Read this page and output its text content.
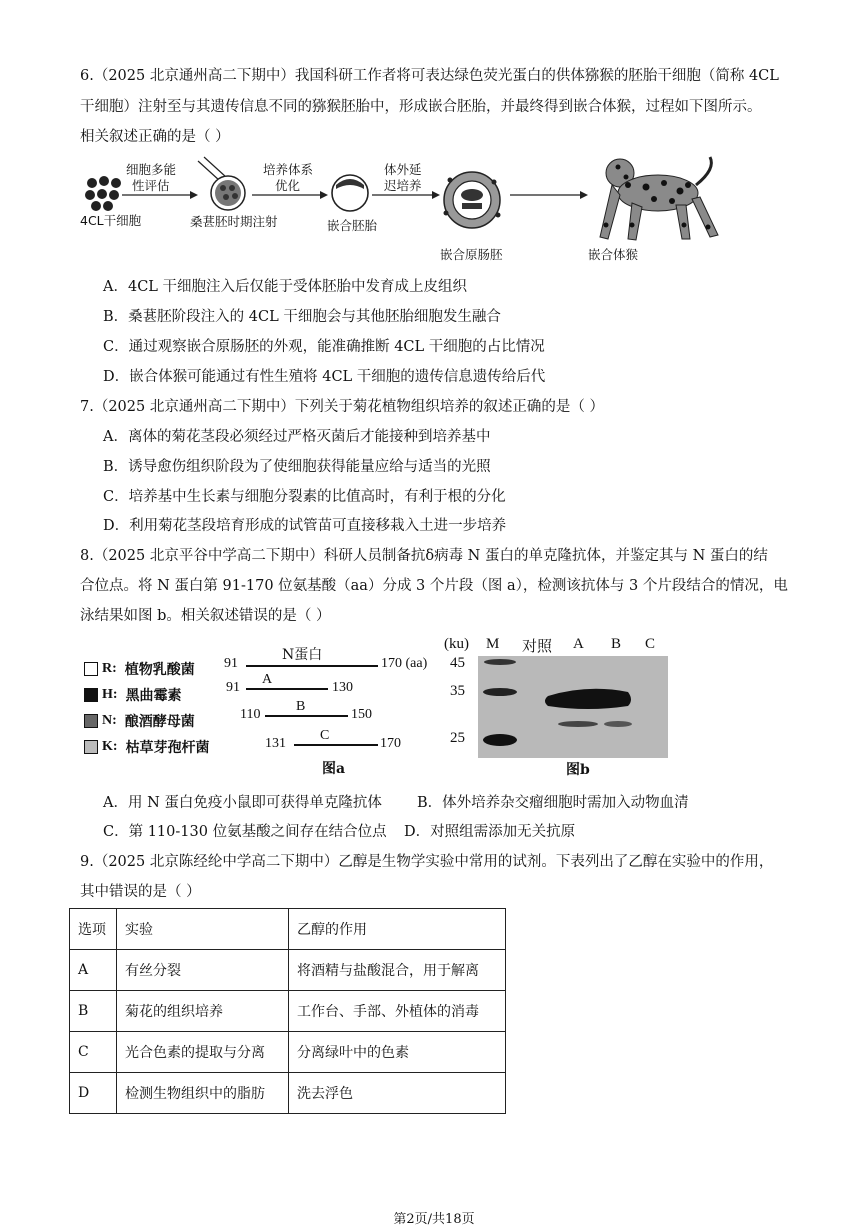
6.（2025 北京通州高二下期中）我国科研工作者将可表达绿色荧光蛋白的供体猕猴的胚胎干细胞（简称 4CL
干细胞）注射至与其遗传信息不同的猕猴胚胎中，形成嵌合胚胎，并最终得到嵌合体猴，过程如下图所示。
相关叙述正确的是（ ）
细胞多能
性评估
培养体系
优化
体外延
迟培养
4CL干细胞	桑葚胚时期注射	嵌合胚胎
嵌合原肠胚	嵌合体猴
A．4CL 干细胞注入后仅能于受体胚胎中发育成上皮组织
B．桑葚胚阶段注入的 4CL 干细胞会与其他胚胎细胞发生融合
C．通过观察嵌合原肠胚的外观，能准确推断 4CL 干细胞的占比情况
D．嵌合体猴可能通过有性生殖将 4CL 干细胞的遗传信息遗传给后代
7.（2025 北京通州高二下期中）下列关于菊花植物组织培养的叙述正确的是（ ）
A．离体的菊花茎段必须经过严格灭菌后才能接种到培养基中
B．诱导愈伤组织阶段为了使细胞获得能量应给与适当的光照
C．培养基中生长素与细胞分裂素的比值高时，有利于根的分化
D．利用菊花茎段培育形成的试管苗可直接移栽入土进一步培养
8.（2025 北京平谷中学高二下期中）科研人员制备抗δ病毒 N 蛋白的单克隆抗体，并鉴定其与 N 蛋白的结
合位点。将 N 蛋白第 91-170 位氨基酸（aa）分成 3 个片段（图 a），检测该抗体与 3 个片段结合的情况，电
泳结果如图 b。相关叙述错误的是（ ）
R: 植物乳酸菌
H: 黑曲霉素
N: 酿酒酵母菌
K: 枯草芽孢杆菌
N蛋白
91	170 (aa)
A
91	130
B
110	150
C
131	170
图a
(ku) M 对照 A B C
45
35
25
图b
A．用 N 蛋白免疫小鼠即可获得单克隆抗体 B．体外培养杂交瘤细胞时需加入动物血清
C．第 110-130 位氨基酸之间存在结合位点 D．对照组需添加无关抗原
9.（2025 北京陈经纶中学高二下期中）乙醇是生物学实验中常用的试剂。下表列出了乙醇在实验中的作用，
其中错误的是（ ）
选项	实验	乙醇的作用
A	有丝分裂	将酒精与盐酸混合，用于解离
B	菊花的组织培养	工作台、手部、外植体的消毒
C	光合色素的提取与分离	分离绿叶中的色素
D	检测生物组织中的脂肪	洗去浮色
第2页/共18页
